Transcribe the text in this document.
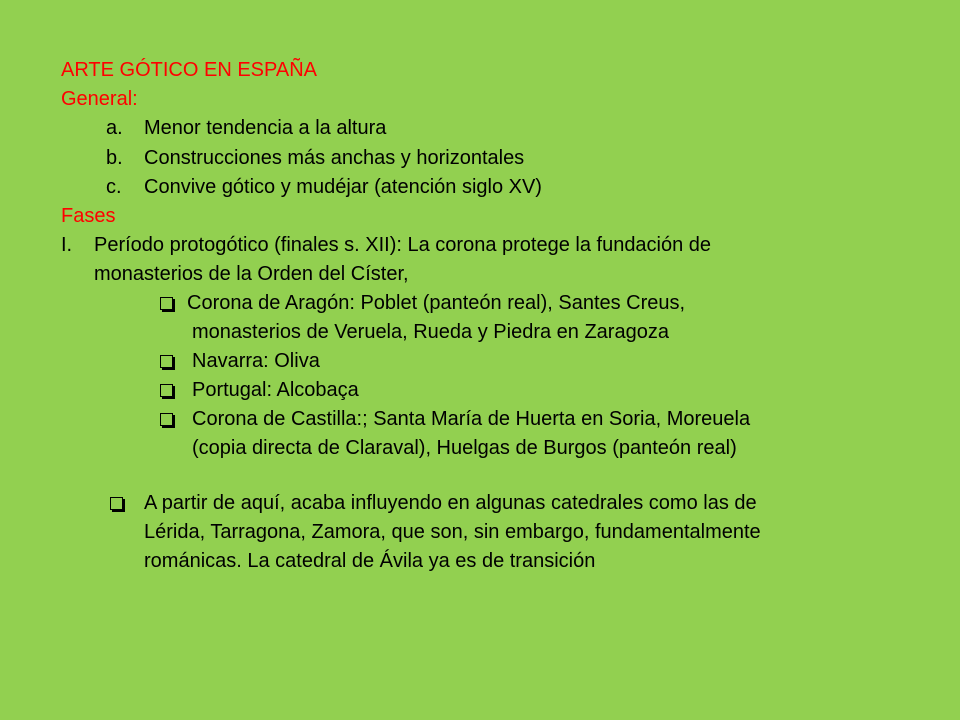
ARTE GÓTICO EN ESPAÑA
General:
a. Menor tendencia a la altura
b. Construcciones más anchas y horizontales
c. Convive gótico y mudéjar (atención siglo XV)
Fases
I. Período protogótico (finales s. XII): La corona protege la fundación de
monasterios de la Orden del Císter,
Corona de Aragón: Poblet (panteón real), Santes Creus,
monasterios de Veruela, Rueda y Piedra en Zaragoza
Navarra: Oliva
Portugal: Alcobaça
Corona de Castilla:; Santa María de Huerta en Soria, Moreuela
(copia directa de Claraval), Huelgas de Burgos (panteón real)
A partir de aquí, acaba influyendo en algunas catedrales como las de
Lérida, Tarragona, Zamora, que son, sin embargo, fundamentalmente
románicas. La catedral de Ávila ya es de transición
